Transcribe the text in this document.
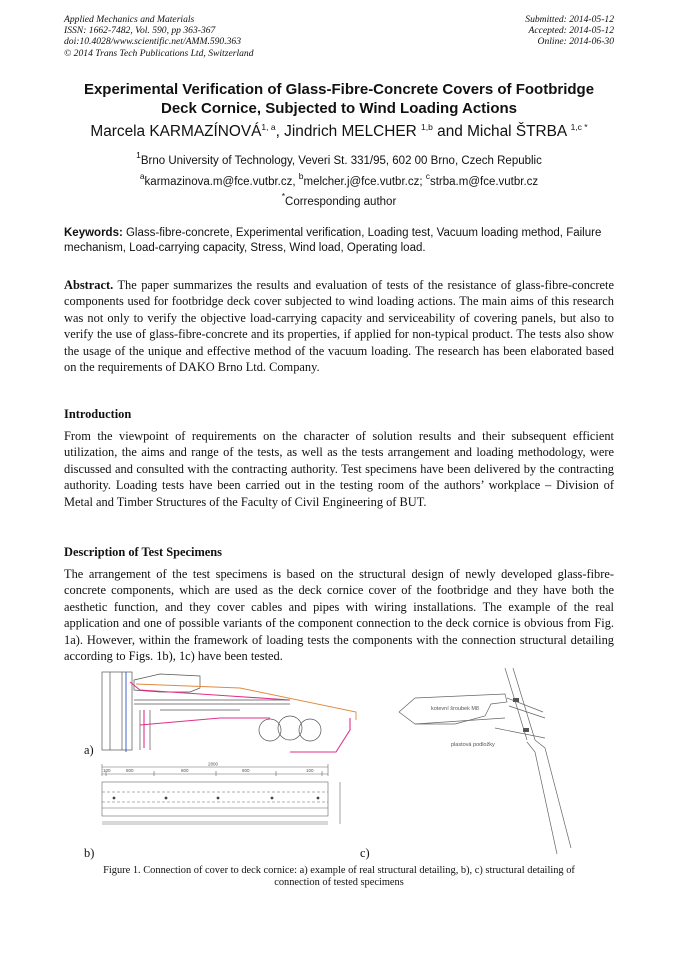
Applied Mechanics and Materials
ISSN: 1662-7482, Vol. 590, pp 363-367
doi:10.4028/www.scientific.net/AMM.590.363
© 2014 Trans Tech Publications Ltd, Switzerland
Submitted: 2014-05-12
Accepted: 2014-05-12
Online: 2014-06-30
Experimental Verification of Glass-Fibre-Concrete Covers of Footbridge
Deck Cornice, Subjected to Wind Loading Actions
Marcela KARMAZÍNOVÁ$^{1, a}$, Jindrich MELCHER $^{1,b}$ and Michal ŠTRBA $^{1,c *}$
$^1$Brno University of Technology, Veveri St. 331/95, 602 00 Brno, Czech Republic
$^a$karmazinova.m@fce.vutbr.cz, $^b$melcher.j@fce.vutbr.cz; $^c$strba.m@fce.vutbr.cz
*Corresponding author
Keywords: Glass-fibre-concrete, Experimental verification, Loading test, Vacuum loading method, Failure mechanism, Load-carrying capacity, Stress, Wind load, Operating load.
Abstract. The paper summarizes the results and evaluation of tests of the resistance of glass-fibre-concrete components used for footbridge deck cover subjected to wind loading actions. The main aims of this research was not only to verify the objective load-carrying capacity and serviceability of covering panels, but also to verify the use of glass-fibre-concrete and its properties, if applied for non-typical product. The tests also show the usage of the unique and effective method of the vacuum loading. The research has been elaborated based on the requirements of DAKO Brno Ltd. Company.
Introduction
From the viewpoint of requirements on the character of solution results and their subsequent efficient utilization, the aims and range of the tests, as well as the tests arrangement and loading methodology, were discussed and consulted with the contracting authority. Test specimens have been delivered by the contracting authority. Loading tests have been carried out in the testing room of the authors’ workplace – Division of Metal and Timber Structures of the Faculty of Civil Engineering of BUT.
Description of Test Specimens
The arrangement of the test specimens is based on the structural design of newly developed glass-fibre-concrete components, which are used as the deck cornice cover of the footbridge and they have both the aesthetic function, and they cover cables and pipes with wiring installations. The example of the real application and one of possible variants of the component connection to the deck cornice is obvious from Fig. 1a). However, within the framework of loading tests the components with the connection structural detailing according to Figs. 1b), 1c) have been tested.
a)
2800
100	800	800	800	100
b)
kotevní šroubek M8
plastová podložky
c)
Figure 1. Connection of cover to deck cornice: a) example of real structural detailing, b), c) structural detailing of
connection of tested specimens
